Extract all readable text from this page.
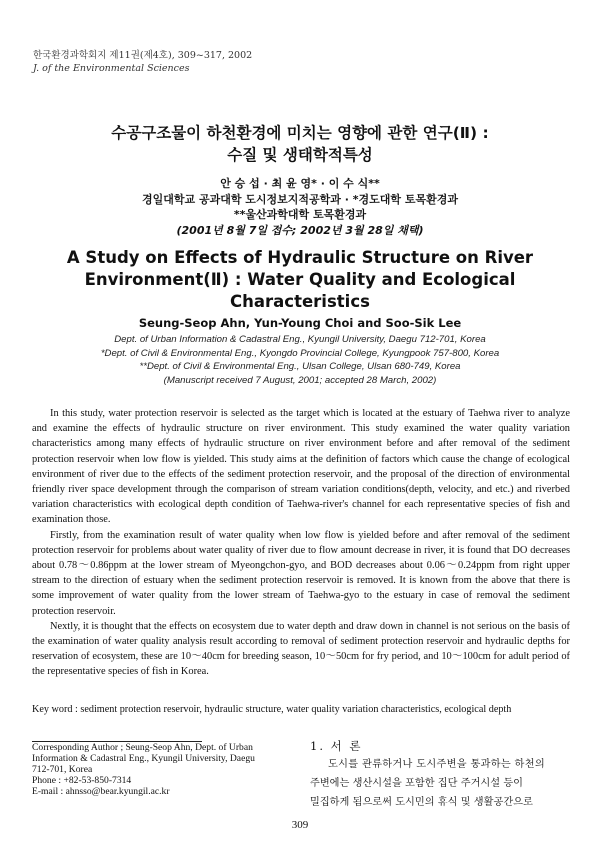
한국환경과학회지 제11권(제4호), 309~317, 2002
J. of the Environmental Sciences
수공구조물이 하천환경에 미치는 영향에 관한 연구(Ⅱ) :
수질 및 생태학적특성
안 승 섭 · 최 윤 영* · 이 수 식**
경일대학교 공과대학 도시정보지적공학과 · *경도대학 토목환경과
**울산과학대학 토목환경과
(2001년 8월 7일 접수; 2002년 3월 28일 채택)
A Study on Effects of Hydraulic Structure on River
Environment(Ⅱ) : Water Quality and Ecological
Characteristics
Seung-Seop Ahn, Yun-Young Choi and Soo-Sik Lee
Dept. of Urban Information & Cadastral Eng., Kyungil University, Daegu 712-701, Korea
*Dept. of Civil & Environmental Eng., Kyongdo Provincial College, Kyungpook 757-800, Korea
**Dept. of Civil & Environmental Eng., Ulsan College, Ulsan 680-749, Korea
(Manuscript received 7 August, 2001; accepted 28 March, 2002)

In this study, water protection reservoir is selected as the target which is located at the estuary of Taehwa river to analyze and examine the effects of hydraulic structure on river environment. This study examined the water quality variation characteristics among many effects of hydraulic structure on river environment before and after removal of the sediment protection reservoir when low flow is yielded. This study aims at the definition of factors which cause the change of ecological environment of river due to the effects of the sediment protection reservoir, and the proposal of the direction of environmental friendly river space development through the comparison of stream variation conditions(depth, velocity, and etc.) and riverbed variation characteristics with ecological depth condition of Taehwa-river's channel for each representative species of fish and examination those.

Firstly, from the examination result of water quality when low flow is yielded before and after removal of the sediment protection reservoir for problems about water quality of river due to flow amount decrease in river, it is found that DO decreases about 0.78～0.86ppm at the lower stream of Myeongchon-gyo, and BOD decreases about 0.06～0.24ppm from right upper stream to the direction of estuary when the sediment protection reservoir is removed. It is known from the above that there is some improvement of water quality from the lower stream of Taehwa-gyo to the estuary in case of removal the sediment protection reservoir.

Nextly, it is thought that the effects on ecosystem due to water depth and draw down in channel is not serious on the basis of the examination of water quality analysis result according to removal of sediment protection reservoir and hydraulic depths for reservation of ecosystem, these are 10～40cm for breeding season, 10～50cm for fry period, and 10～100cm for adult period of the representative species of fish in Korea.

Key word : sediment protection reservoir, hydraulic structure, water quality variation characteristics, ecological depth
Corresponding Author ; Seung-Seop Ahn, Dept. of Urban
Information & Cadastral Eng., Kyungil University, Daegu
712-701, Korea
Phone : +82-53-850-7314
E-mail : ahnsso@bear.kyungil.ac.kr
1. 서 론
도시를 관류하거나 도시주변을 통과하는 하천의
주변에는 생산시설을 포함한 집단 주거시설 등이
밀집하게 됨으로써 도시민의 휴식 및 생활공간으로
309
